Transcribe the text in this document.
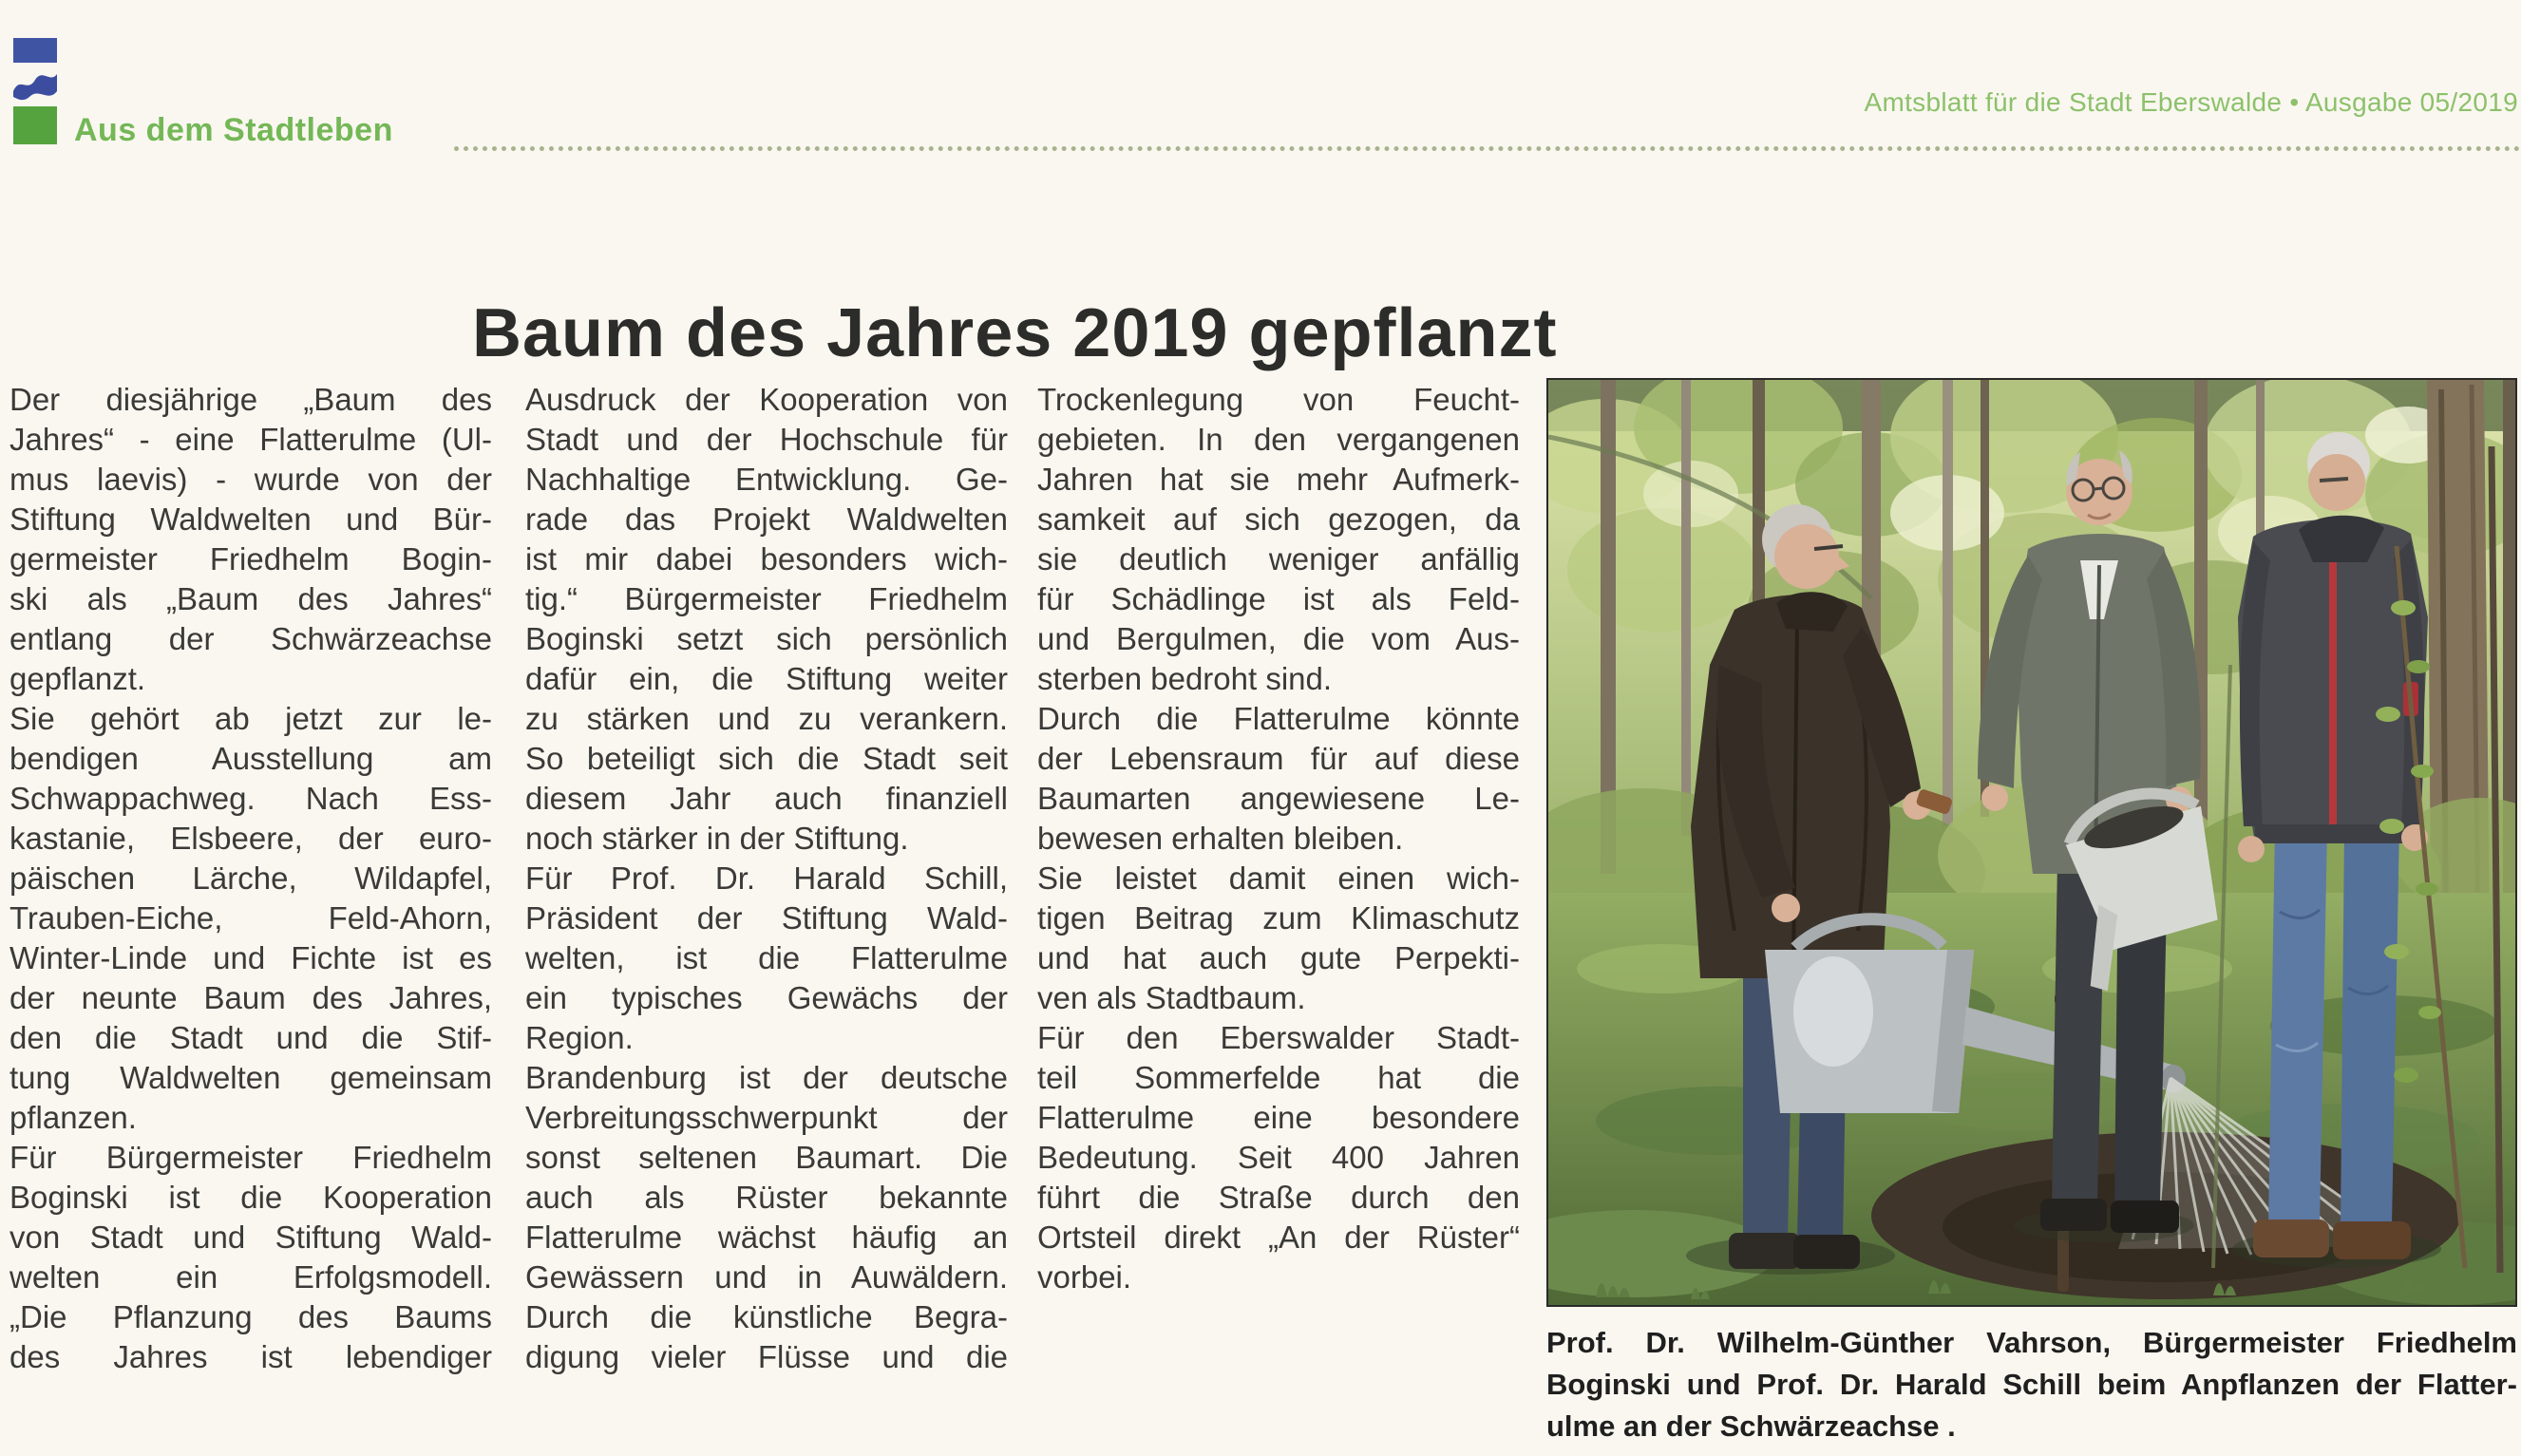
Aus dem Stadtleben
Amtsblatt für die Stadt Eberswalde • Ausgabe 05/2019
Baum des Jahres 2019 gepflanzt
Der diesjährige „Baum des
Jahres“ - eine Flatterulme (Ul-
mus laevis) - wurde von der
Stiftung Waldwelten und Bür-
germeister Friedhelm Bogin-
ski als „Baum des Jahres“
entlang der Schwärzeachse
gepflanzt.
Sie gehört ab jetzt zur le-
bendigen Ausstellung am
Schwappachweg. Nach Ess-
kastanie, Elsbeere, der euro-
päischen Lärche, Wildapfel,
Trauben-Eiche, Feld-Ahorn,
Winter-Linde und Fichte ist es
der neunte Baum des Jahres,
den die Stadt und die Stif-
tung Waldwelten gemeinsam
pflanzen.
Für Bürgermeister Friedhelm
Boginski ist die Kooperation
von Stadt und Stiftung Wald-
welten ein Erfolgsmodell.
„Die Pflanzung des Baums
des Jahres ist lebendiger
Ausdruck der Kooperation von
Stadt und der Hochschule für
Nachhaltige Entwicklung. Ge-
rade das Projekt Waldwelten
ist mir dabei besonders wich-
tig.“ Bürgermeister Friedhelm
Boginski setzt sich persönlich
dafür ein, die Stiftung weiter
zu stärken und zu verankern.
So beteiligt sich die Stadt seit
diesem Jahr auch finanziell
noch stärker in der Stiftung.
Für Prof. Dr. Harald Schill,
Präsident der Stiftung Wald-
welten, ist die Flatterulme
ein typisches Gewächs der
Region.
Brandenburg ist der deutsche
Verbreitungsschwerpunkt der
sonst seltenen Baumart. Die
auch als Rüster bekannte
Flatterulme wächst häufig an
Gewässern und in Auwäldern.
Durch die künstliche Begra-
digung vieler Flüsse und die
Trockenlegung von Feucht-
gebieten. In den vergangenen
Jahren hat sie mehr Aufmerk-
samkeit auf sich gezogen, da
sie deutlich weniger anfällig
für Schädlinge ist als Feld-
und Bergulmen, die vom Aus-
sterben bedroht sind.
Durch die Flatterulme könnte
der Lebensraum für auf diese
Baumarten angewiesene Le-
bewesen erhalten bleiben.
Sie leistet damit einen wich-
tigen Beitrag zum Klimaschutz
und hat auch gute Perpekti-
ven als Stadtbaum.
Für den Eberswalder Stadt-
teil Sommerfelde hat die
Flatterulme eine besondere
Bedeutung. Seit 400 Jahren
führt die Straße durch den
Ortsteil direkt „An der Rüster“
vorbei.
Prof. Dr. Wilhelm-Günther Vahrson, Bürgermeister Friedhelm
Boginski und Prof. Dr. Harald Schill beim Anpflanzen der Flatter-
ulme an der Schwärzeachse .
